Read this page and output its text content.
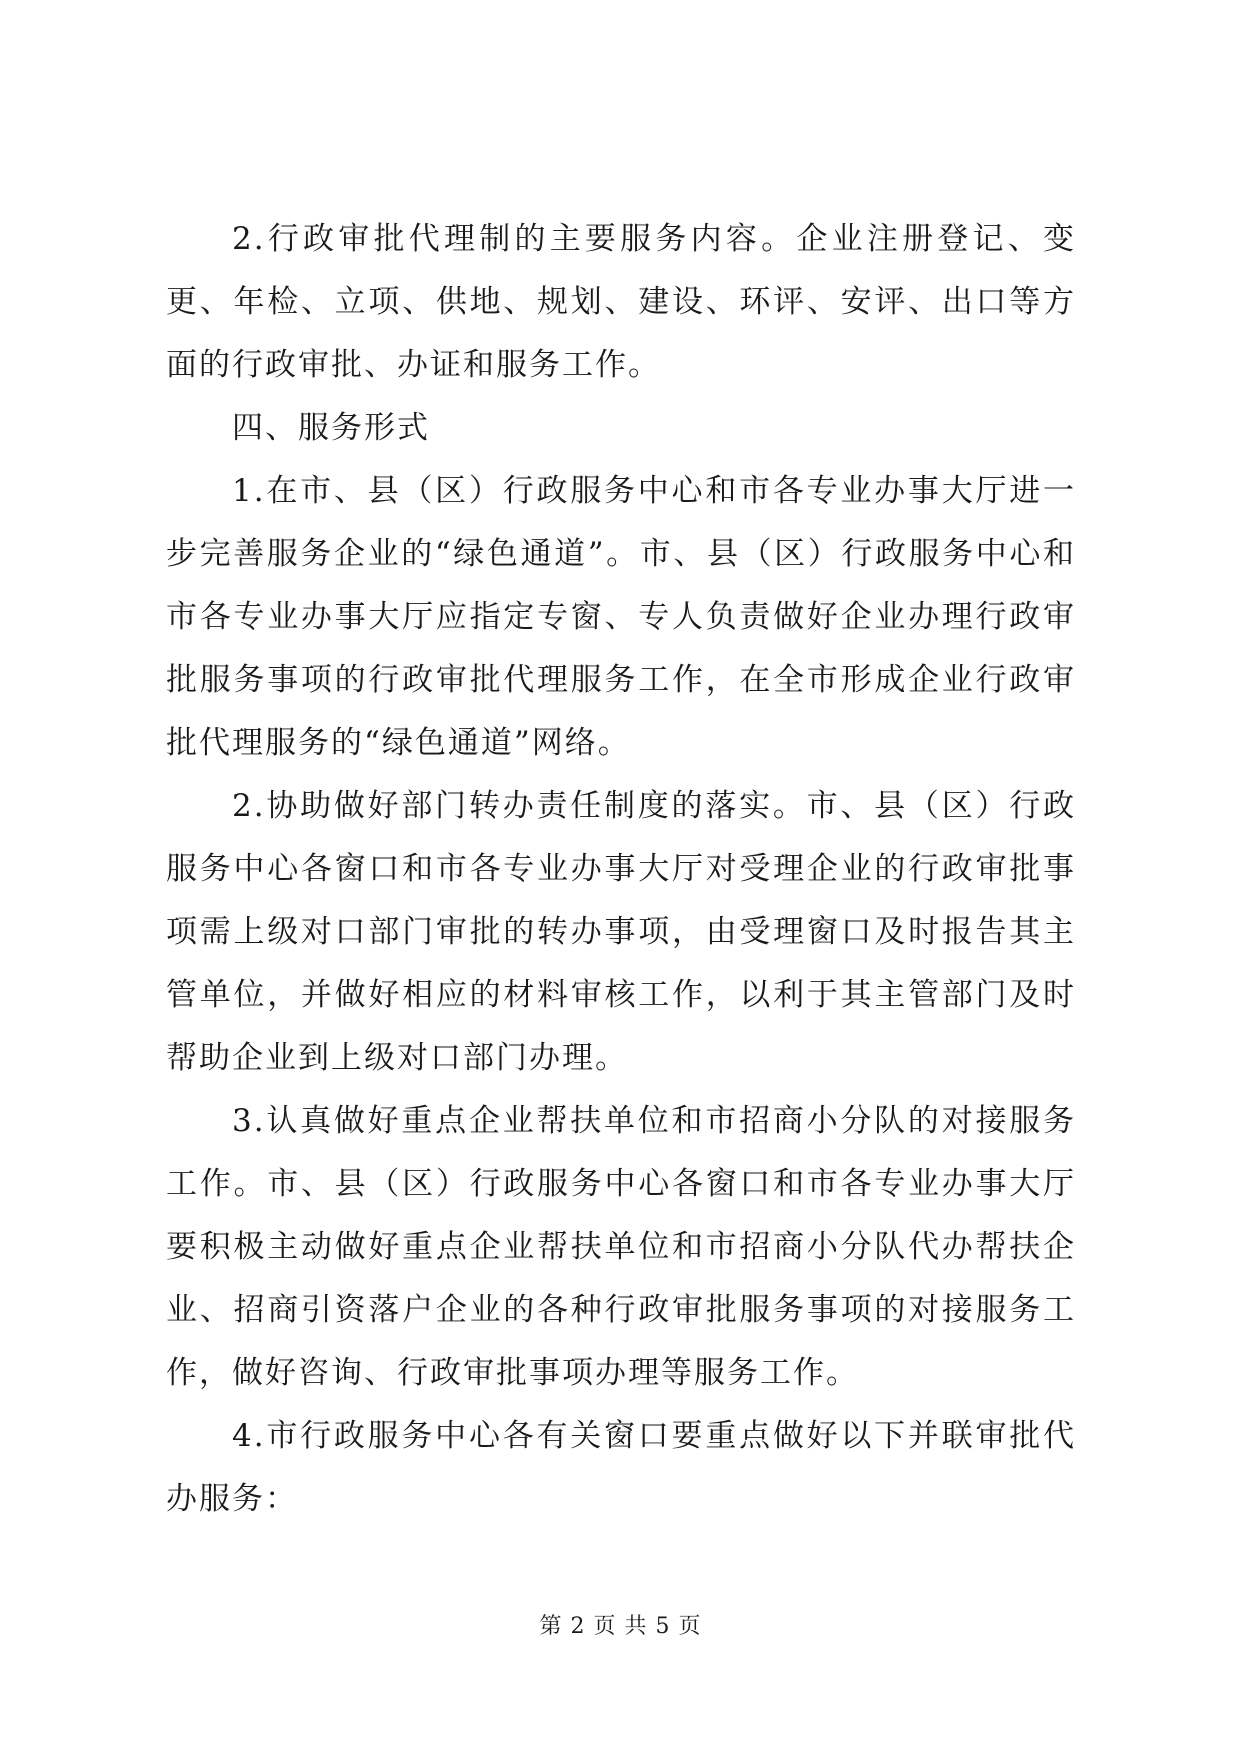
2.行政审批代理制的主要服务内容。企业注册登记、变更、年检、立项、供地、规划、建设、环评、安评、出口等方面的行政审批、办证和服务工作。

四、服务形式

1.在市、县（区）行政服务中心和市各专业办事大厅进一步完善服务企业的“绿色通道”。市、县（区）行政服务中心和市各专业办事大厅应指定专窗、专人负责做好企业办理行政审批服务事项的行政审批代理服务工作，在全市形成企业行政审批代理服务的“绿色通道”网络。

2.协助做好部门转办责任制度的落实。市、县（区）行政服务中心各窗口和市各专业办事大厅对受理企业的行政审批事项需上级对口部门审批的转办事项，由受理窗口及时报告其主管单位，并做好相应的材料审核工作，以利于其主管部门及时帮助企业到上级对口部门办理。

3.认真做好重点企业帮扶单位和市招商小分队的对接服务工作。市、县（区）行政服务中心各窗口和市各专业办事大厅要积极主动做好重点企业帮扶单位和市招商小分队代办帮扶企业、招商引资落户企业的各种行政审批服务事项的对接服务工作，做好咨询、行政审批事项办理等服务工作。

4.市行政服务中心各有关窗口要重点做好以下并联审批代办服务：

第 2 页 共 5 页
